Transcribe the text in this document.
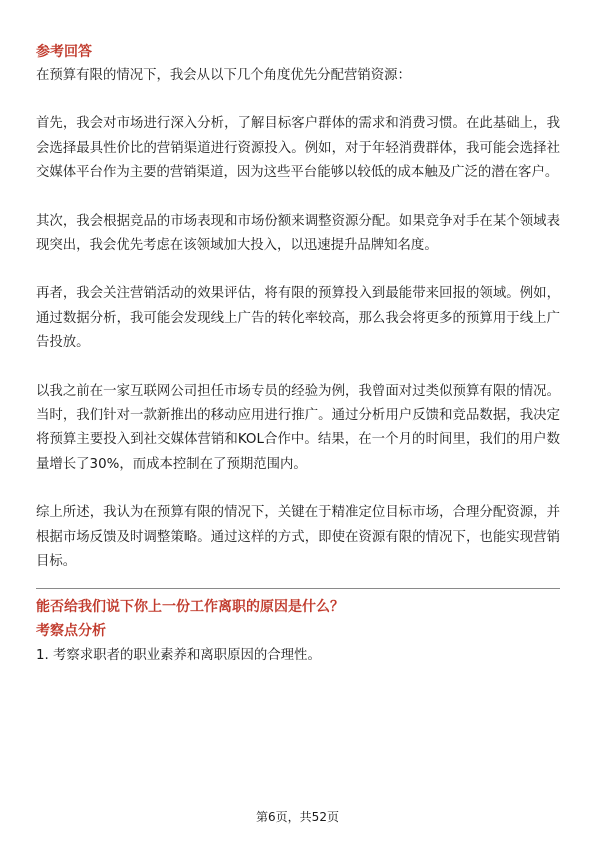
参考回答

在预算有限的情况下，我会从以下几个角度优先分配营销资源：

首先，我会对市场进行深入分析，了解目标客户群体的需求和消费习惯。在此基础上，我会选择最具性价比的营销渠道进行资源投入。例如，对于年轻消费群体，我可能会选择社交媒体平台作为主要的营销渠道，因为这些平台能够以较低的成本触及广泛的潜在客户。

其次，我会根据竞品的市场表现和市场份额来调整资源分配。如果竞争对手在某个领域表现突出，我会优先考虑在该领域加大投入，以迅速提升品牌知名度。

再者，我会关注营销活动的效果评估，将有限的预算投入到最能带来回报的领域。例如，通过数据分析，我可能会发现线上广告的转化率较高，那么我会将更多的预算用于线上广告投放。

以我之前在一家互联网公司担任市场专员的经验为例，我曾面对过类似预算有限的情况。当时，我们针对一款新推出的移动应用进行推广。通过分析用户反馈和竞品数据，我决定将预算主要投入到社交媒体营销和KOL合作中。结果，在一个月的时间里，我们的用户数量增长了30%，而成本控制在了预期范围内。

综上所述，我认为在预算有限的情况下，关键在于精准定位目标市场，合理分配资源，并根据市场反馈及时调整策略。通过这样的方式，即使在资源有限的情况下，也能实现营销目标。

能否给我们说下你上一份工作离职的原因是什么？

考察点分析

1. 考察求职者的职业素养和离职原因的合理性。

第6页，共52页
